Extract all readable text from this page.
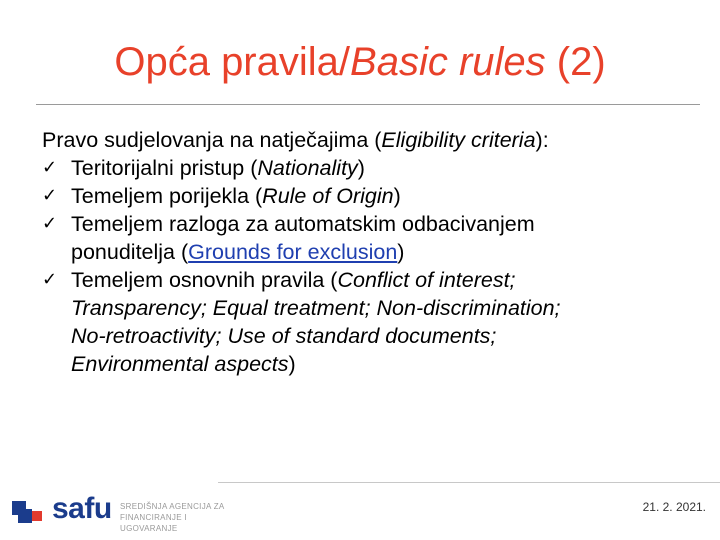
Opća pravila/Basic rules (2)
Pravo sudjelovanja na natječajima (Eligibility criteria):
✓ Teritorijalni pristup (Nationality)
✓ Temeljem porijekla (Rule of Origin)
✓ Temeljem razloga za automatskim odbacivanjem
ponuditelja (Grounds for exclusion)
✓ Temeljem osnovnih pravila (Conflict of interest;
Transparency; Equal treatment; Non-discrimination;
No-retroactivity; Use of standard documents;
Environmental aspects)
safu SREDIŠNJA AGENCIJA ZA
FINANCIRANJE I UGOVARANJE
21. 2. 2021.
